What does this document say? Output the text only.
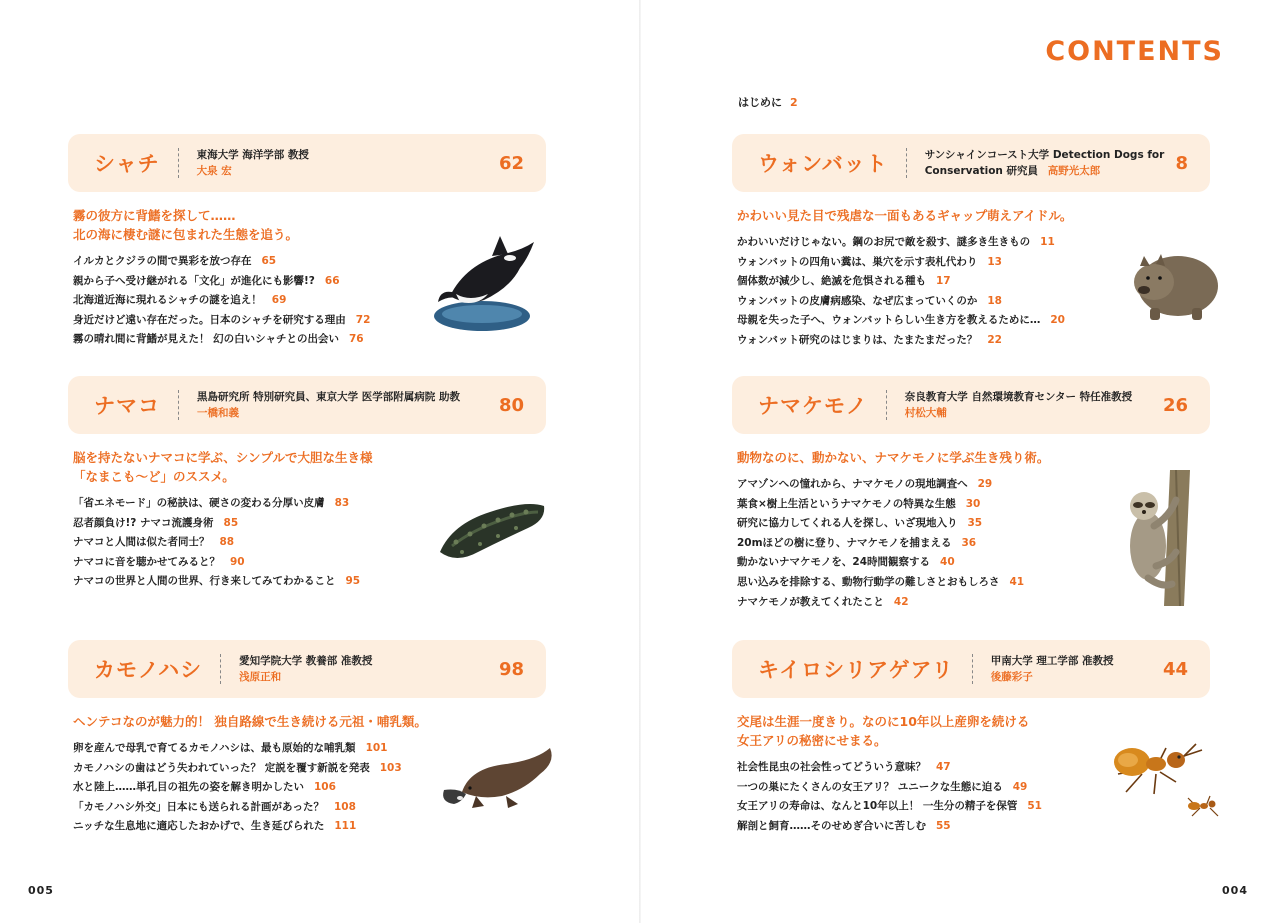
CONTENTS
はじめに 2
シャチ	東海大学 海洋学部 教授
大泉 宏	62
霧の彼方に背鰭を探して……
北の海に棲む謎に包まれた生態を追う。
イルカとクジラの間で異彩を放つ存在 65
親から子へ受け継がれる「文化」が進化にも影響!? 66
北海道近海に現れるシャチの謎を追え！ 69
身近だけど遠い存在だった。日本のシャチを研究する理由 72
霧の晴れ間に背鰭が見えた！ 幻の白いシャチとの出会い 76
ナマコ	黒島研究所 特別研究員、東京大学 医学部附属病院 助教
一橋和義	80
脳を持たないナマコに学ぶ、シンプルで大胆な生き様
「なまこも～ど」のススメ。
「省エネモード」の秘訣は、硬さの変わる分厚い皮膚 83
忍者顔負け!? ナマコ流護身術 85
ナマコと人間は似た者同士？ 88
ナマコに音を聴かせてみると？ 90
ナマコの世界と人間の世界、行き来してみてわかること 95
カモノハシ	愛知学院大学 教養部 准教授
浅原正和	98
ヘンテコなのが魅力的！ 独自路線で生き続ける元祖・哺乳類。
卵を産んで母乳で育てるカモノハシは、最も原始的な哺乳類 101
カモノハシの歯はどう失われていった？ 定説を覆す新説を発表 103
水と陸上……単孔目の祖先の姿を解き明かしたい 106
「カモノハシ外交」日本にも送られる計画があった？ 108
ニッチな生息地に適応したおかげで、生き延びられた 111
ウォンバット	サンシャインコースト大学 Detection Dogs for Conservation 研究員 高野光太郎	8
かわいい見た目で残虐な一面もあるギャップ萌えアイドル。
かわいいだけじゃない。鋼のお尻で敵を殺す、謎多き生きもの 11
ウォンバットの四角い糞は、巣穴を示す表札代わり 13
個体数が減少し、絶滅を危惧される種も 17
ウォンバットの皮膚病感染、なぜ広まっていくのか 18
母親を失った子へ、ウォンバットらしい生き方を教えるために… 20
ウォンバット研究のはじまりは、たまたまだった？ 22
ナマケモノ	奈良教育大学 自然環境教育センター 特任准教授
村松大輔	26
動物なのに、動かない、ナマケモノに学ぶ生き残り術。
アマゾンへの憧れから、ナマケモノの現地調査へ 29
葉食×樹上生活というナマケモノの特異な生態 30
研究に協力してくれる人を探し、いざ現地入り 35
20mほどの樹に登り、ナマケモノを捕まえる 36
動かないナマケモノを、24時間観察する 40
思い込みを排除する、動物行動学の難しさとおもしろさ 41
ナマケモノが教えてくれたこと 42
キイロシリアゲアリ	甲南大学 理工学部 准教授
後藤彩子	44
交尾は生涯一度きり。なのに10年以上産卵を続ける
女王アリの秘密にせまる。
社会性昆虫の社会性ってどういう意味？ 47
一つの巣にたくさんの女王アリ？ ユニークな生態に迫る 49
女王アリの寿命は、なんと10年以上！ 一生分の精子を保管 51
解剖と飼育……そのせめぎ合いに苦しむ 55
005	004
